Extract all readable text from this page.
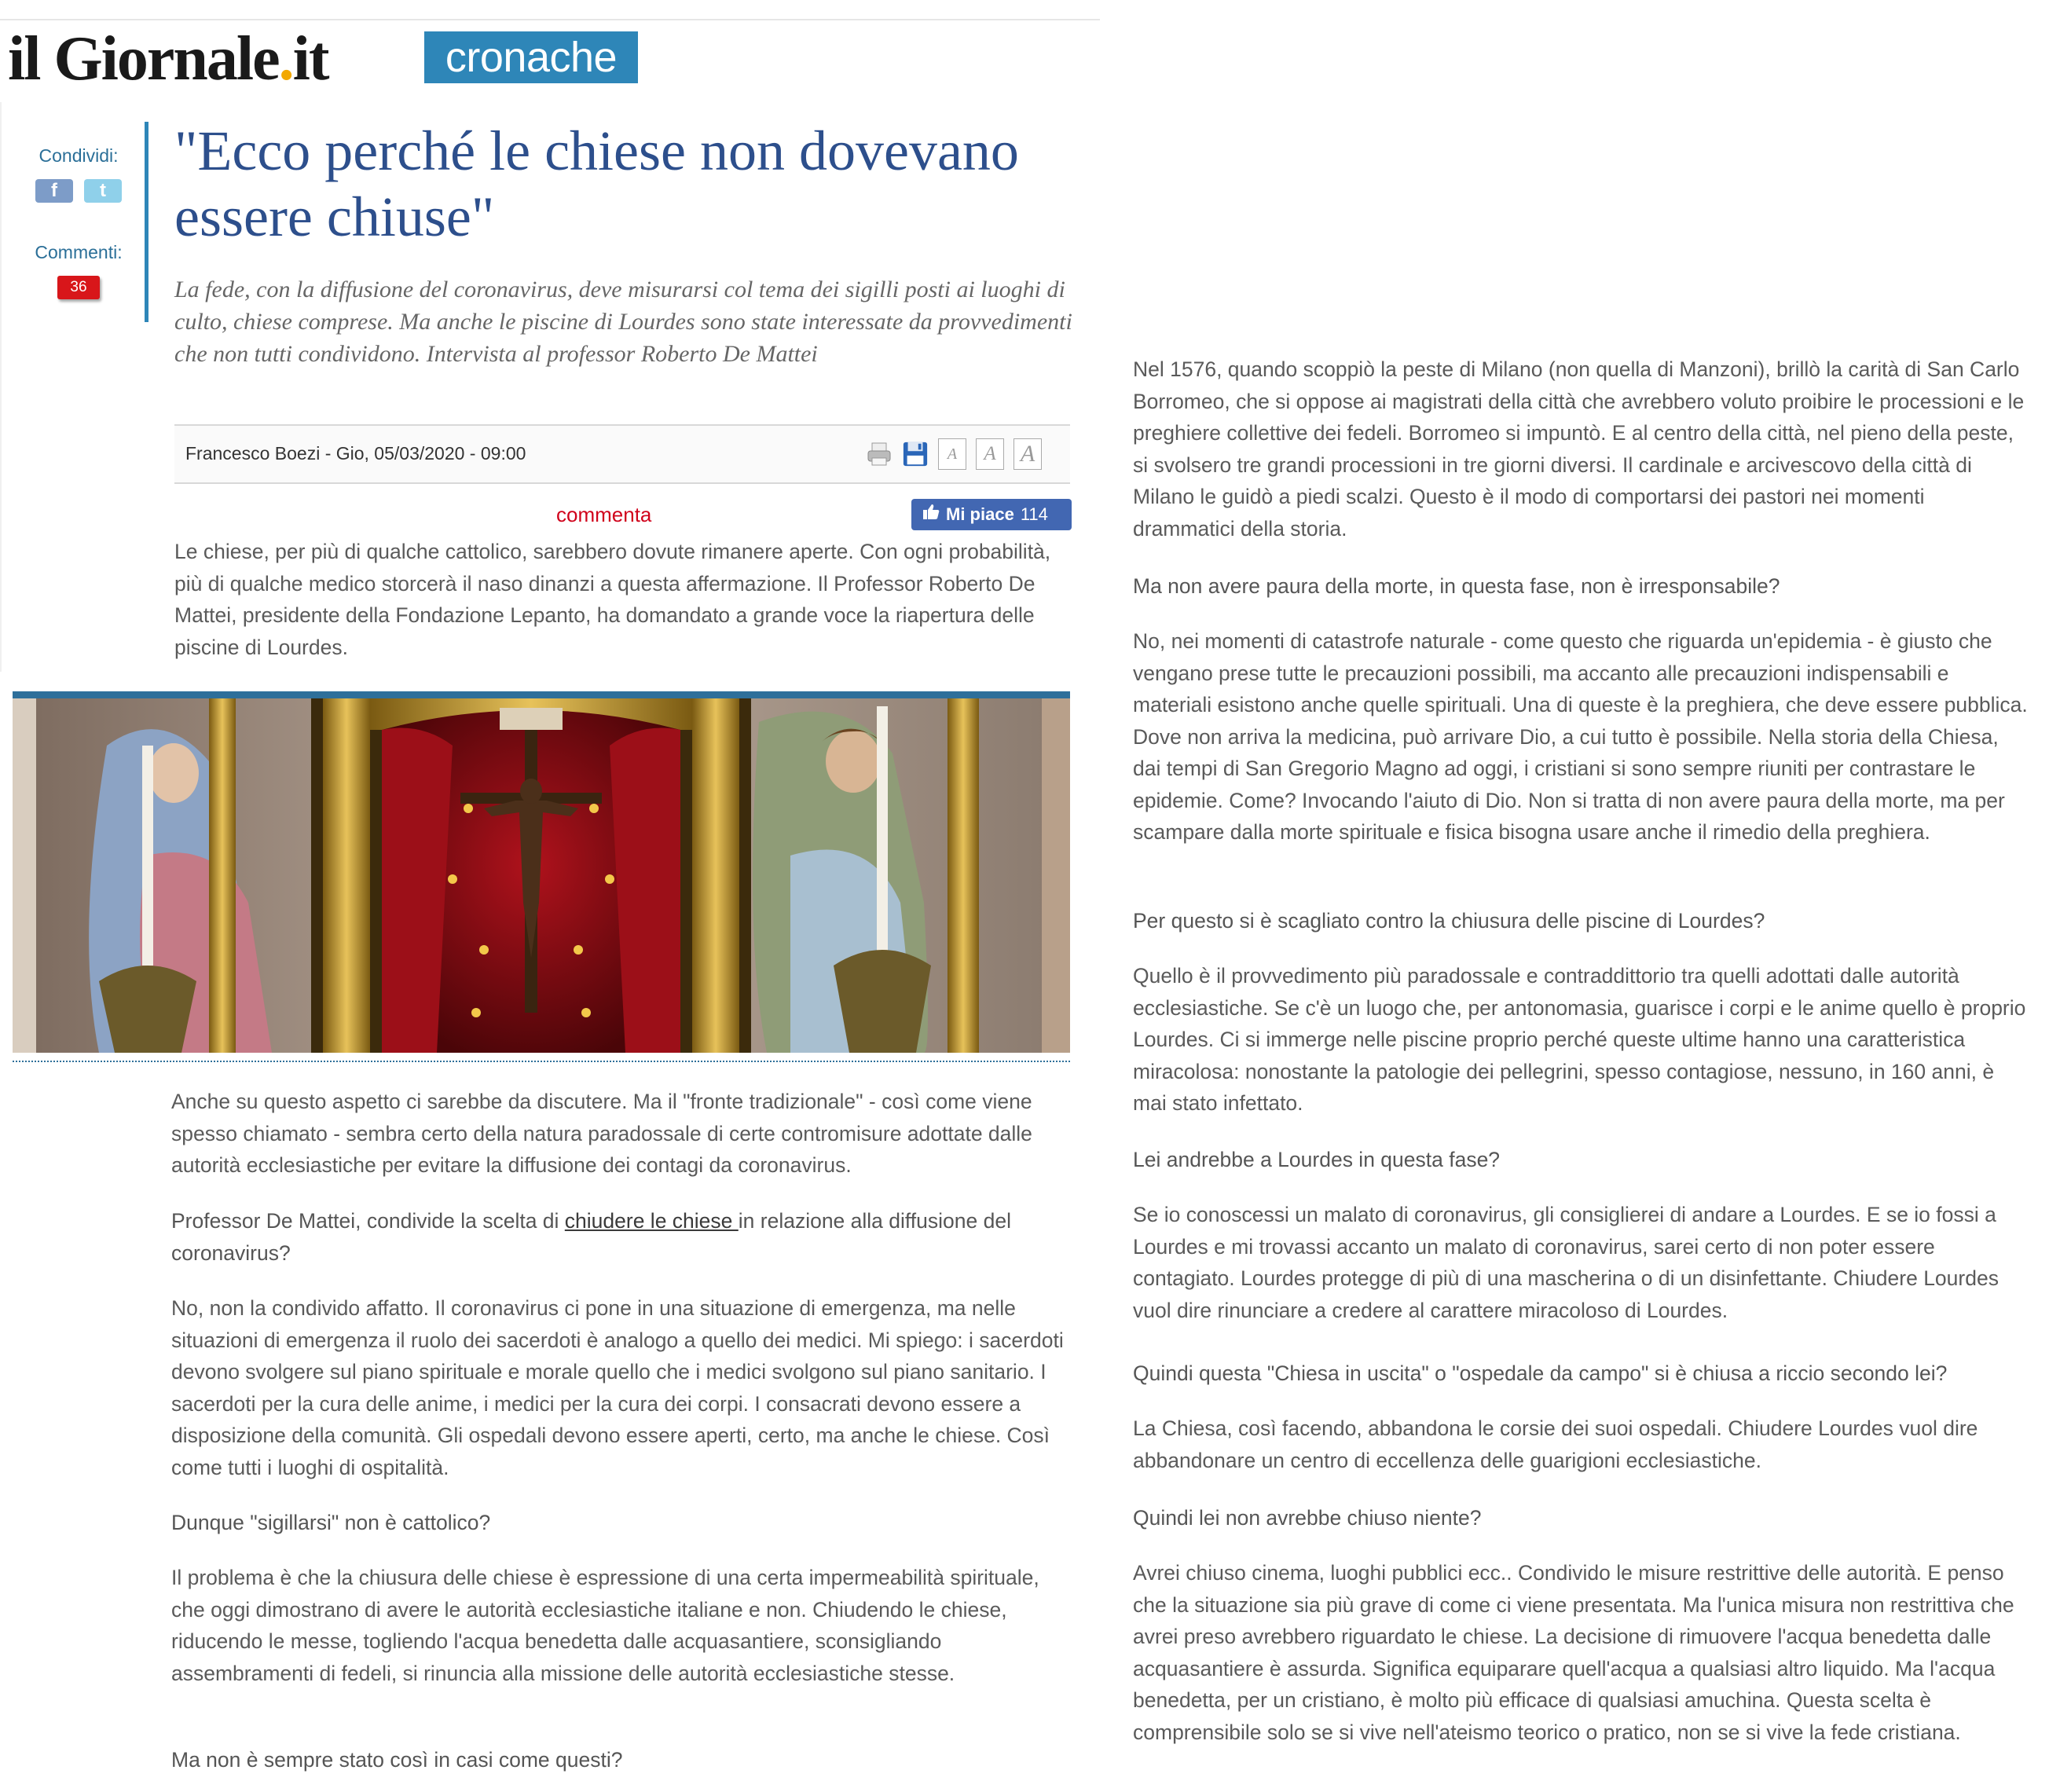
il Giornale.it	cronache
Condividi:
f	t
Commenti:
36
"Ecco perché le chiese non dovevano essere chiuse"

La fede, con la diffusione del coronavirus, deve misurarsi col tema dei sigilli posti ai luoghi di culto, chiese comprese. Ma anche le piscine di Lourdes sono state interessate da provvedimenti che non tutti condividono. Intervista al professor Roberto De Mattei

Francesco Boezi - Gio, 05/03/2020 - 09:00	A	A	A
commenta	Mi piace 114

Le chiese, per più di qualche cattolico, sarebbero dovute rimanere aperte. Con ogni probabilità, più di qualche medico storcerà il naso dinanzi a questa affermazione. Il Professor Roberto De Mattei, presidente della Fondazione Lepanto, ha domandato a grande voce la riapertura delle piscine di Lourdes.

Anche su questo aspetto ci sarebbe da discutere. Ma il "fronte tradizionale" - così come viene spesso chiamato - sembra certo della natura paradossale di certe contromisure adottate dalle autorità ecclesiastiche per evitare la diffusione dei contagi da coronavirus.

Professor De Mattei, condivide la scelta di chiudere le chiese in relazione alla diffusione del coronavirus?

No, non la condivido affatto. Il coronavirus ci pone in una situazione di emergenza, ma nelle situazioni di emergenza il ruolo dei sacerdoti è analogo a quello dei medici. Mi spiego: i sacerdoti devono svolgere sul piano spirituale e morale quello che i medici svolgono sul piano sanitario. I sacerdoti per la cura delle anime, i medici per la cura dei corpi. I consacrati devono essere a disposizione della comunità. Gli ospedali devono essere aperti, certo, ma anche le chiese. Così come tutti i luoghi di ospitalità.

Dunque "sigillarsi" non è cattolico?

Il problema è che la chiusura delle chiese è espressione di una certa impermeabilità spirituale, che oggi dimostrano di avere le autorità ecclesiastiche italiane e non. Chiudendo le chiese, riducendo le messe, togliendo l'acqua benedetta dalle acquasantiere, sconsigliando assembramenti di fedeli, si rinuncia alla missione delle autorità ecclesiastiche stesse.

Ma non è sempre stato così in casi come questi?

Nel 1576, quando scoppiò la peste di Milano (non quella di Manzoni), brillò la carità di San Carlo Borromeo, che si oppose ai magistrati della città che avrebbero voluto proibire le processioni e le preghiere collettive dei fedeli. Borromeo si impuntò. E al centro della città, nel pieno della peste, si svolsero tre grandi processioni in tre giorni diversi. Il cardinale e arcivescovo della città di Milano le guidò a piedi scalzi. Questo è il modo di comportarsi dei pastori nei momenti drammatici della storia.

Ma non avere paura della morte, in questa fase, non è irresponsabile?

No, nei momenti di catastrofe naturale - come questo che riguarda un'epidemia - è giusto che vengano prese tutte le precauzioni possibili, ma accanto alle precauzioni indispensabili e materiali esistono anche quelle spirituali. Una di queste è la preghiera, che deve essere pubblica. Dove non arriva la medicina, può arrivare Dio, a cui tutto è possibile. Nella storia della Chiesa, dai tempi di San Gregorio Magno ad oggi, i cristiani si sono sempre riuniti per contrastare le epidemie. Come? Invocando l'aiuto di Dio. Non si tratta di non avere paura della morte, ma per scampare dalla morte spirituale e fisica bisogna usare anche il rimedio della preghiera.

Per questo si è scagliato contro la chiusura delle piscine di Lourdes?

Quello è il provvedimento più paradossale e contraddittorio tra quelli adottati dalle autorità ecclesiastiche. Se c'è un luogo che, per antonomasia, guarisce i corpi e le anime quello è proprio Lourdes. Ci si immerge nelle piscine proprio perché queste ultime hanno una caratteristica miracolosa: nonostante la patologie dei pellegrini, spesso contagiose, nessuno, in 160 anni, è mai stato infettato.

Lei andrebbe a Lourdes in questa fase?

Se io conoscessi un malato di coronavirus, gli consiglierei di andare a Lourdes. E se io fossi a Lourdes e mi trovassi accanto un malato di coronavirus, sarei certo di non poter essere contagiato. Lourdes protegge di più di una mascherina o di un disinfettante. Chiudere Lourdes vuol dire rinunciare a credere al carattere miracoloso di Lourdes.

Quindi questa "Chiesa in uscita" o "ospedale da campo" si è chiusa a riccio secondo lei?

La Chiesa, così facendo, abbandona le corsie dei suoi ospedali. Chiudere Lourdes vuol dire abbandonare un centro di eccellenza delle guarigioni ecclesiastiche.

Quindi lei non avrebbe chiuso niente?

Avrei chiuso cinema, luoghi pubblici ecc.. Condivido le misure restrittive delle autorità. E penso che la situazione sia più grave di come ci viene presentata. Ma l'unica misura non restrittiva che avrei preso avrebbero riguardato le chiese. La decisione di rimuovere l'acqua benedetta dalle acquasantiere è assurda. Significa equiparare quell'acqua a qualsiasi altro liquido. Ma l'acqua benedetta, per un cristiano, è molto più efficace di qualsiasi amuchina. Questa scelta è comprensibile solo se si vive nell'ateismo teorico o pratico, non se si vive la fede cristiana.
